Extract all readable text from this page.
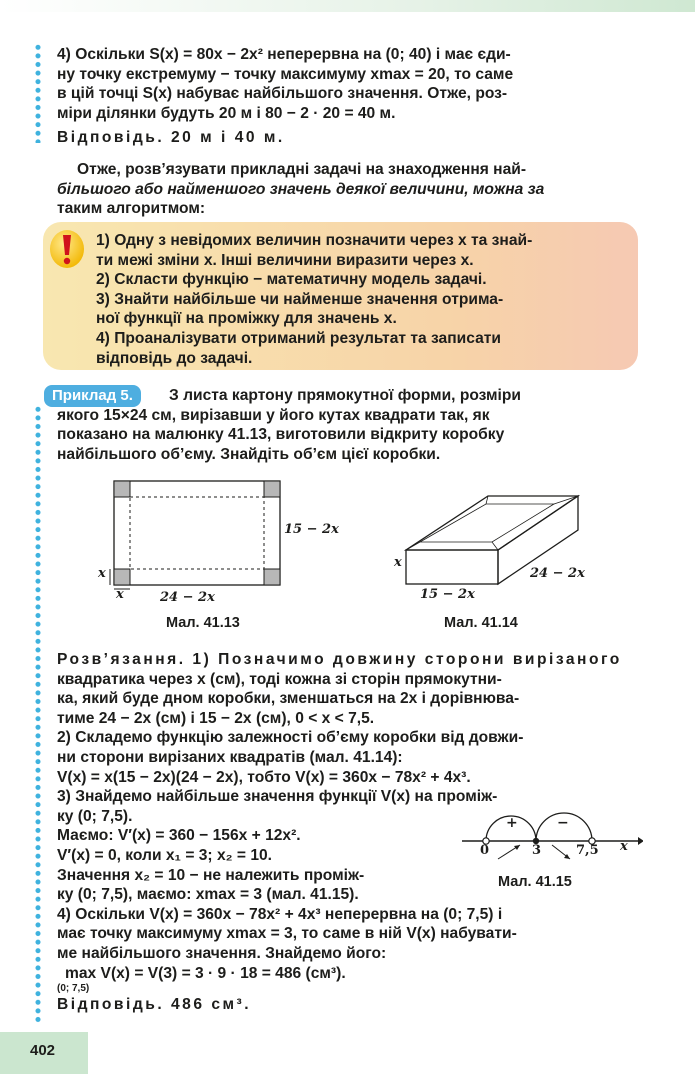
4) Оскільки S(x) = 80x − 2x² неперервна на (0; 40) і має єди-

ну точку екстремуму − точку максимуму xmax = 20, то саме

в цій точці S(x) набуває найбільшого значення. Отже, роз-

міри ділянки будуть 20 м і 80 − 2 · 20 = 40 м.

Відповідь. 20 м і 40 м.

Отже, розв’язувати прикладні задачі на знаходження най-

більшого або найменшого значень деякої величини, можна за

таким алгоритмом:

1) Одну з невідомих величин позначити через x та знай-

ти межі зміни x. Інші величини виразити через x.

2) Скласти функцію − математичну модель задачі.

3) Знайти найбільше чи найменше значення отрима-

ної функції на проміжку для значень x.

4) Проаналізувати отриманий результат та записати

відповідь до задачі.

Приклад 5.	З листа картону прямокутної форми, розміри

якого 15×24 см, вирізавши у його кутах квадрати так, як

показано на малюнку 41.13, виготовили відкриту коробку

найбільшого об’єму. Знайдіть об’єм цієї коробки.

15 − 2x
24 − 2x
x
x
Мал. 41.13
x
24 − 2x
15 − 2x
Мал. 41.14

Розв’язання. 1) Позначимо довжину сторони вирізаного

квадратика через x (см), тоді кожна зі сторін прямокутни-

ка, який буде дном коробки, зменшаться на 2x і дорівнюва-

тиме 24 − 2x (см) і 15 − 2x (см), 0 < x < 7,5.

2) Складемо функцію залежності об’єму коробки від довжи-

ни сторони вирізаних квадратів (мал. 41.14):

V(x) = x(15 − 2x)(24 − 2x), тобто V(x) = 360x − 78x² + 4x³.

3) Знайдемо найбільше значення функції V(x) на проміж-

ку (0; 7,5).

Маємо: V′(x) = 360 − 156x + 12x².

V′(x) = 0, коли x₁ = 3; x₂ = 10.

Значення x₂ = 10 − не належить проміж-

ку (0; 7,5), маємо: xmax = 3 (мал. 41.15).

4) Оскільки V(x) = 360x − 78x² + 4x³ неперервна на (0; 7,5) і

має точку максимуму xmax = 3, то саме в ній V(x) набувати-

ме найбільшого значення. Знайдемо його:

max V(x) = V(3) = 3 · 9 · 18 = 486 (см³).

(0; 7,5)

Відповідь. 486 см³.

+	−
0	3	7,5 x
Мал. 41.15
402
